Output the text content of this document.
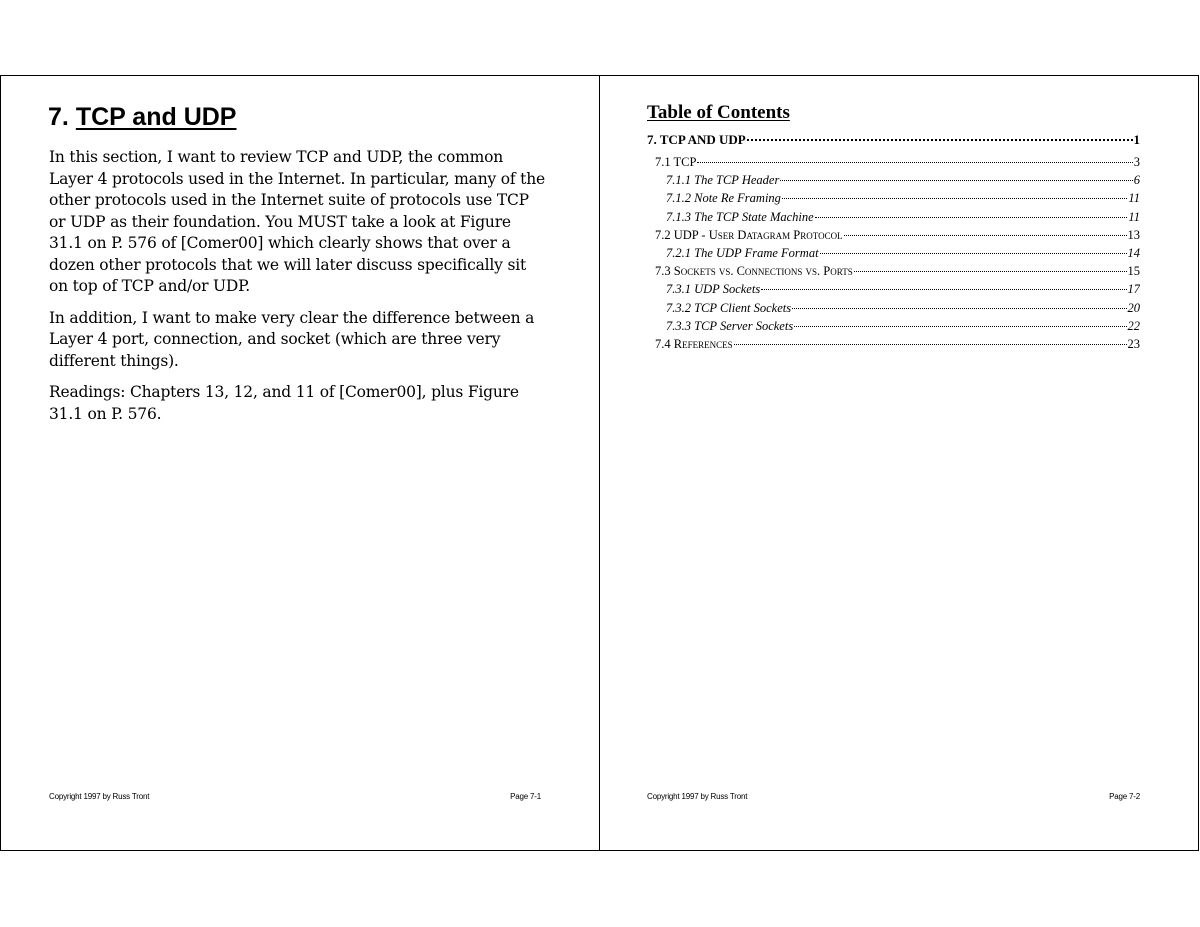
7. TCP and UDP

In this section, I want to review TCP and UDP, the common Layer 4 protocols used in the Internet. In particular, many of the other protocols used in the Internet suite of protocols use TCP or UDP as their foundation. You MUST take a look at Figure 31.1 on P. 576 of [Comer00] which clearly shows that over a dozen other protocols that we will later discuss specifically sit on top of TCP and/or UDP.

In addition, I want to make very clear the difference between a Layer 4 port, connection, and socket (which are three very different things).

Readings: Chapters 13, 12, and 11 of [Comer00], plus Figure 31.1 on P. 576.

Copyright 1997 by Russ Tront	Page 7-1
Table of Contents
7. TCP AND UDP	1
7.1 TCP	3
7.1.1 The TCP Header	6
7.1.2 Note Re Framing	11
7.1.3 The TCP State Machine	11
7.2 UDP - User Datagram Protocol	13
7.2.1 The UDP Frame Format	14
7.3 Sockets vs. Connections vs. Ports	15
7.3.1 UDP Sockets	17
7.3.2 TCP Client Sockets	20
7.3.3 TCP Server Sockets	22
7.4 References	23
Copyright 1997 by Russ Tront	Page 7-2
